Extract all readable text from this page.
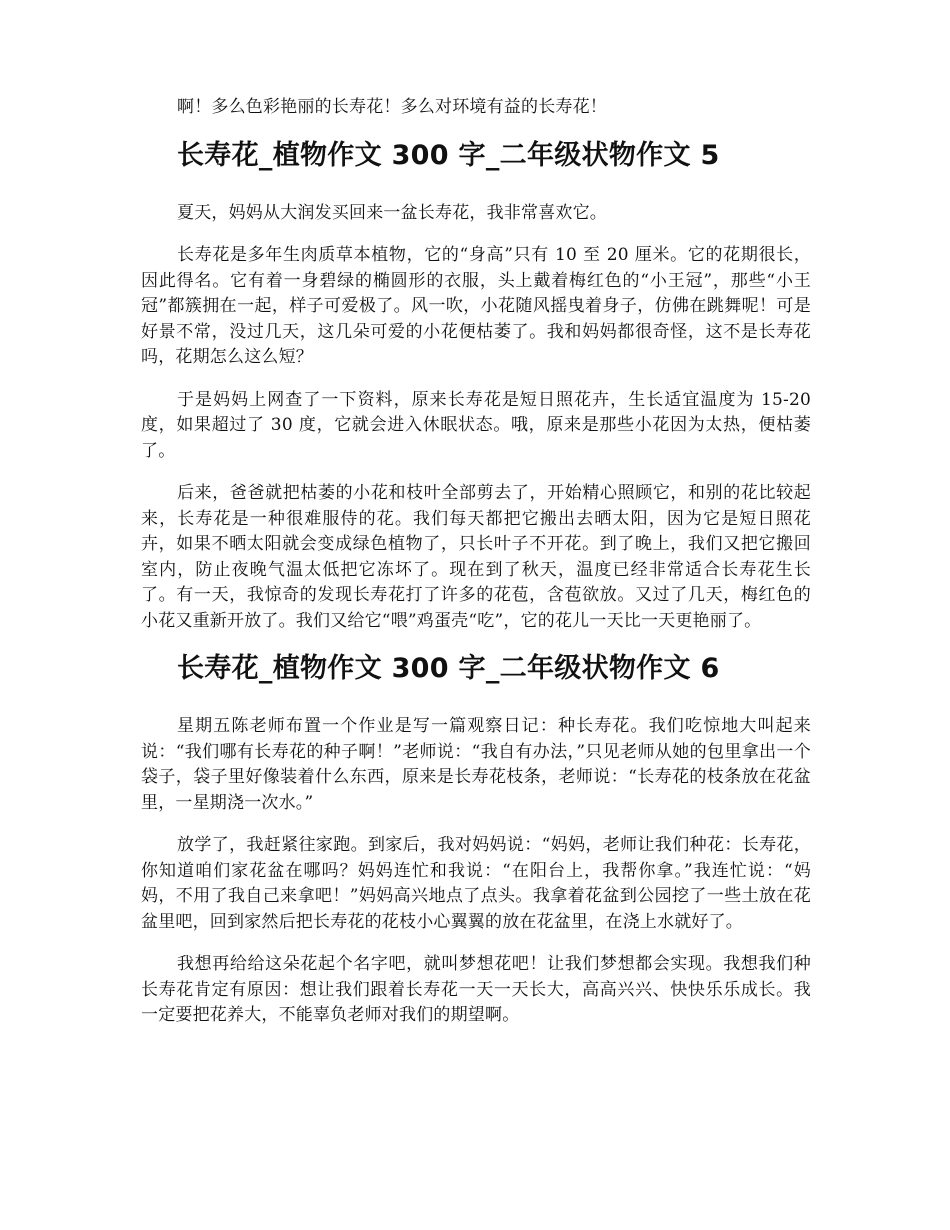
啊！多么色彩艳丽的长寿花！多么对环境有益的长寿花！

长寿花_植物作文 300 字_二年级状物作文 5

夏天，妈妈从大润发买回来一盆长寿花，我非常喜欢它。

长寿花是多年生肉质草本植物，它的“身高”只有 10 至 20 厘米。它的花期很长，因此得名。它有着一身碧绿的椭圆形的衣服，头上戴着梅红色的“小王冠”，那些“小王冠”都簇拥在一起，样子可爱极了。风一吹，小花随风摇曳着身子，仿佛在跳舞呢！可是好景不常，没过几天，这几朵可爱的小花便枯萎了。我和妈妈都很奇怪，这不是长寿花吗，花期怎么这么短？

于是妈妈上网查了一下资料，原来长寿花是短日照花卉，生长适宜温度为 15-20 度，如果超过了 30 度，它就会进入休眠状态。哦，原来是那些小花因为太热，便枯萎了。

后来，爸爸就把枯萎的小花和枝叶全部剪去了，开始精心照顾它，和别的花比较起来，长寿花是一种很难服侍的花。我们每天都把它搬出去晒太阳，因为它是短日照花卉，如果不晒太阳就会变成绿色植物了，只长叶子不开花。到了晚上，我们又把它搬回室内，防止夜晚气温太低把它冻坏了。现在到了秋天，温度已经非常适合长寿花生长了。有一天，我惊奇的发现长寿花打了许多的花苞，含苞欲放。又过了几天，梅红色的小花又重新开放了。我们又给它“喂”鸡蛋壳“吃”，它的花儿一天比一天更艳丽了。

长寿花_植物作文 300 字_二年级状物作文 6

星期五陈老师布置一个作业是写一篇观察日记：种长寿花。我们吃惊地大叫起来说：“我们哪有长寿花的种子啊！”老师说：“我自有办法，”只见老师从她的包里拿出一个袋子，袋子里好像装着什么东西，原来是长寿花枝条，老师说：“长寿花的枝条放在花盆里，一星期浇一次水。”

放学了，我赶紧往家跑。到家后，我对妈妈说：“妈妈，老师让我们种花：长寿花，你知道咱们家花盆在哪吗？妈妈连忙和我说：“在阳台上，我帮你拿。”我连忙说：“妈妈，不用了我自己来拿吧！”妈妈高兴地点了点头。我拿着花盆到公园挖了一些土放在花盆里吧，回到家然后把长寿花的花枝小心翼翼的放在花盆里，在浇上水就好了。

我想再给给这朵花起个名字吧，就叫梦想花吧！让我们梦想都会实现。我想我们种长寿花肯定有原因：想让我们跟着长寿花一天一天长大，高高兴兴、快快乐乐成长。我一定要把花养大，不能辜负老师对我们的期望啊。
